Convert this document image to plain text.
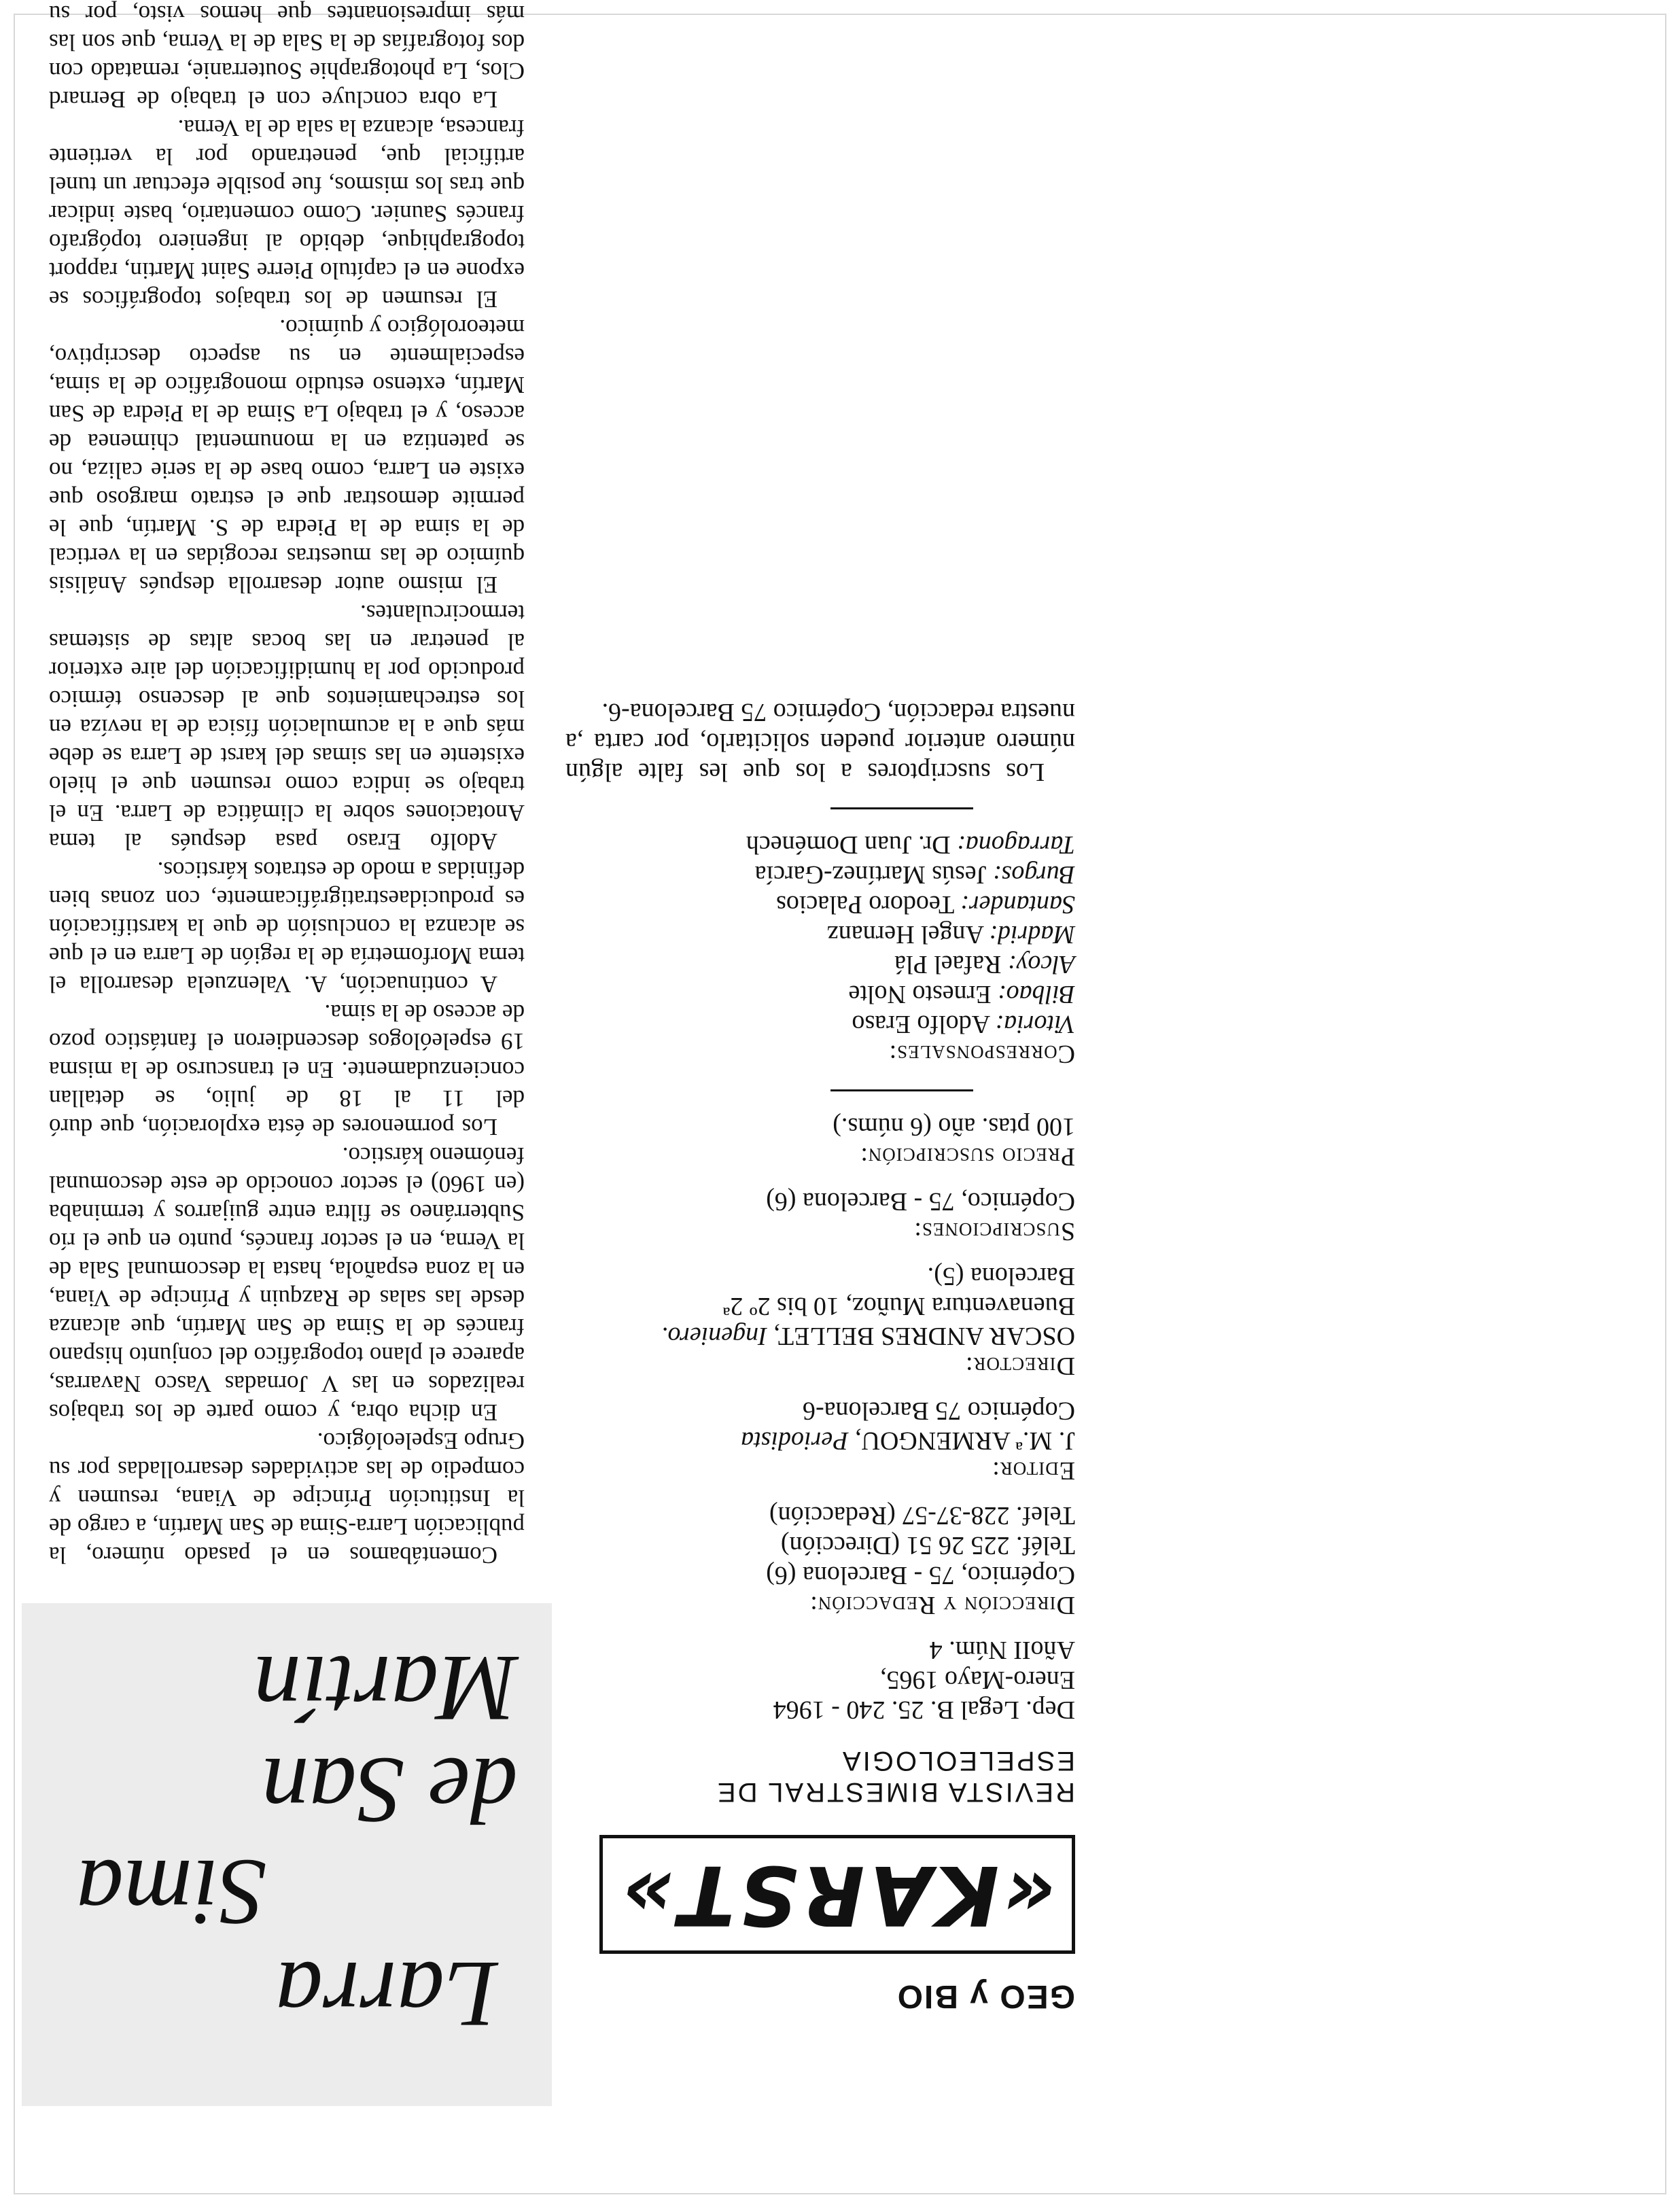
GEO y BIO
«KARST»
REVISTA BIMESTRAL DE
ESPELEOLOGIA
Dep. Legal B. 25. 240 - 1964
Enero-Mayo 1965,
AñoII Núm. 4
Dirección y Redacción:
Copérnico, 75 - Barcelona (6)
Teléf. 225 26 51 (Dirección)
Telef. 228-37-57 (Redacción)
Editor:
J. M.ª ARMENGOU, Periodista
Copérnico 75 Barcelona-6
Director:
OSCAR ANDRES BELLET, Ingeniero.
Buenaventura Muñoz, 10 bis 2º 2ª
Barcelona (5).
Suscripciones:
Copérnico, 75 - Barcelona (6)
Precio suscripción:
100 ptas. año (6 núms.)
Corresponsales:
Vitoria: Adolfo Eraso
Bilbao: Ernesto Nolte
Alcoy: Rafael Plá
Madrid: Angel Hernanz
Santander: Teodoro Palacios
Burgos: Jesús Martínez-García
Tarragona: Dr. Juan Doménech
Los suscriptores a los que les falte algún número anterior pueden solicitarlo, por carta ,a nuestra redacción, Copérnico 75 Barcelona-6.
Larra
Sima
de San Martín

Comentábamos en el pasado número, la publicación Larra-Sima de San Martín, a cargo de la Institución Príncipe de Viana, resumen y compedio de las actividades desarrolladas por su Grupo Espeleológico.

En dicha obra, y como parte de los trabajos realizados en las V Jornadas Vasco Navarras, aparece el plano topográfico del conjunto hispano francés de la Sima de San Martín, que alcanza desde las salas de Razquin y Príncipe de Viana, en la zona española, hasta la descomunal Sala de la Verna, en el sector francés, punto en que el río Subterráneo se filtra entre guijarros y terminaba (en 1960) el sector conocido de este descomunal fenómeno kárstico.

Los pormenores de ésta exploración, que duró del 11 al 18 de julio, se detallan concienzudamente. En el transcurso de la misma 19 espeleólogos descendieron el fantástico pozo de acceso de la sima.

A continuación, A. Valenzuela desarrolla el tema Morfometría de la región de Larra en el que se alcanza la conclusión de que la karstificación es producidaestratigráficamente, con zonas bien definidas a modo de estratos kársticos.

Adolfo Eraso pasa después al tema Anotaciones sobre la climática de Larra. En el trabajo se indica como resumen que el hielo existente en las simas del karst de Larra se debe más que a la acumulación física de la nevíza en los estrechamientos que al descenso térmico producido por la humidificación del aire exterior al penetrar en las bocas altas de sistemas termocirculantes.

El mismo autor desarrolla después Análisis químico de las muestras recogidas en la vertical de la sima de la Piedra de S. Martín, que le permite demostrar que el estrato margoso que existe en Larra, como base de la serie caliza, no se patentiza en la monumental chimenea de acceso, y el trabajo La Sima de la Piedra de San Martín, extenso estudio monográfico de la sima, especialmente en su aspecto descriptivo, meteorológico y químico.

El resumen de los trabajos topográficos se expone en el capítulo Pierre Saint Martin, rapport topographique, debido al ingeniero topógrafo francés Saunier. Como comentario, baste indicar que tras los mismos, fue posible efectuar un tunel artificial que, penetrando por la vertiente francesa, alcanza la sala de la Verna.

La obra concluye con el trabajo de Bernard Clos, La photographie Souterranie, rematado con dos fotografías de la Sala de la Verna, que son las más impresionantes que hemos visto, por su
